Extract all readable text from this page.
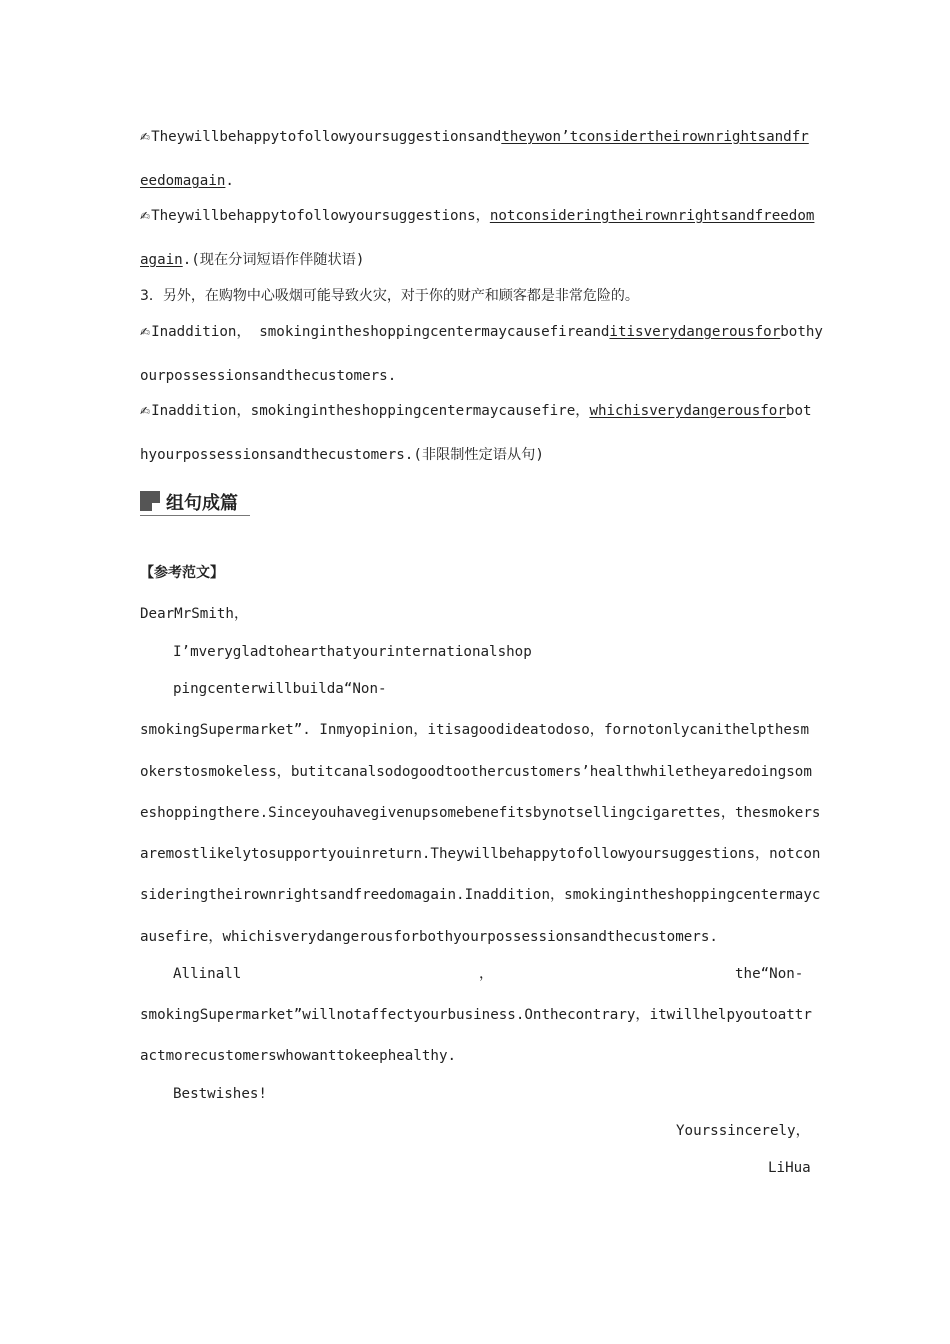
✍Theywillbehappytofollowyoursuggestionsandtheywon’tconsidertheirownrightsandfr
eedomagain.
✍Theywillbehappytofollowyoursuggestions，notconsideringtheirownrightsandfreedom
again.(现在分词短语作伴随状语)
3．另外，在购物中心吸烟可能导致火灾，对于你的财产和顾客都是非常危险的。
✍Inaddition， smokingintheshoppingcentermaycausefireanditisverydangerousforbothy
ourpossessionsandthecustomers.
✍Inaddition，smokingintheshoppingcentermaycausefire，whichisverydangerousforbot
hyourpossessionsandthecustomers.(非限制性定语从句)
组句成篇
【参考范文】
DearMrSmith，
I’mverygladtohearthatyourinternationalshop
pingcenterwillbuilda“Non-
smokingSupermarket”. Inmyopinion，itisagoodideatodoso，fornotonlycanithelpthesm
okerstosmokeless，butitcanalsodogoodtoothercustomers’healthwhiletheyaredoingsom
eshoppingthere.Sinceyouhavegivenupsomebenefitsbynotsellingcigarettes，thesmokers
aremostlikelytosupportyouinreturn.Theywillbehappytofollowyoursuggestions，notcon
sideringtheirownrightsandfreedomagain.Inaddition，smokingintheshoppingcentermayc
ausefire，whichisverydangerousforbothyourpossessionsandthecustomers.
Allinall	，	the“Non-
smokingSupermarket”willnotaffectyourbusiness.Onthecontrary，itwillhelpyoutoattr
actmorecustomerswhowanttokeephealthy.
Bestwishes!
Yourssincerely，
LiHua
